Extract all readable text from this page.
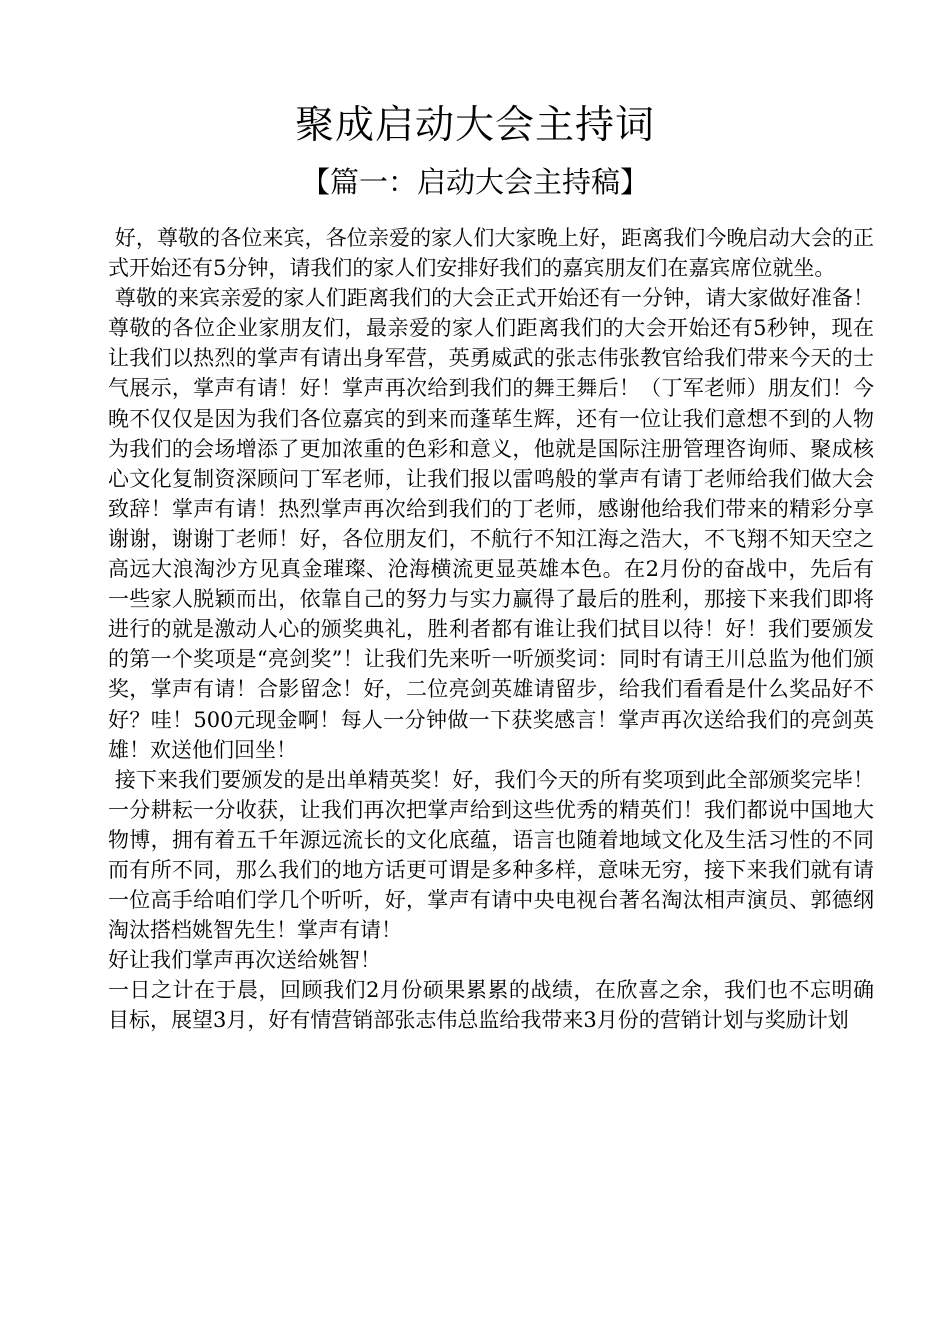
聚成启动大会主持词
【篇一：启动大会主持稿】

好，尊敬的各位来宾，各位亲爱的家人们大家晚上好，距离我们今晚启动大会的正式开始还有5分钟，请我们的家人们安排好我们的嘉宾朋友们在嘉宾席位就坐。

尊敬的来宾亲爱的家人们距离我们的大会正式开始还有一分钟，请大家做好准备！尊敬的各位企业家朋友们，最亲爱的家人们距离我们的大会开始还有5秒钟，现在让我们以热烈的掌声有请出身军营，英勇威武的张志伟张教官给我们带来今天的士气展示，掌声有请！好！掌声再次给到我们的舞王舞后！（丁军老师）朋友们！今晚不仅仅是因为我们各位嘉宾的到来而蓬荜生辉，还有一位让我们意想不到的人物为我们的会场增添了更加浓重的色彩和意义，他就是国际注册管理咨询师、聚成核心文化复制资深顾问丁军老师，让我们报以雷鸣般的掌声有请丁老师给我们做大会致辞！掌声有请！热烈掌声再次给到我们的丁老师，感谢他给我们带来的精彩分享谢谢，谢谢丁老师！好，各位朋友们，不航行不知江海之浩大，不飞翔不知天空之高远大浪淘沙方见真金璀璨、沧海横流更显英雄本色。在2月份的奋战中，先后有一些家人脱颖而出，依靠自己的努力与实力赢得了最后的胜利，那接下来我们即将进行的就是激动人心的颁奖典礼，胜利者都有谁让我们拭目以待！好！我们要颁发的第一个奖项是“亮剑奖”！让我们先来听一听颁奖词：同时有请王川总监为他们颁奖，掌声有请！合影留念！好，二位亮剑英雄请留步，给我们看看是什么奖品好不好？哇！500元现金啊！每人一分钟做一下获奖感言！掌声再次送给我们的亮剑英雄！欢送他们回坐！

接下来我们要颁发的是出单精英奖！好，我们今天的所有奖项到此全部颁奖完毕！一分耕耘一分收获，让我们再次把掌声给到这些优秀的精英们！我们都说中国地大物博，拥有着五千年源远流长的文化底蕴，语言也随着地域文化及生活习性的不同而有所不同，那么我们的地方话更可谓是多种多样，意味无穷，接下来我们就有请一位高手给咱们学几个听听，好，掌声有请中央电视台著名淘汰相声演员、郭德纲淘汰搭档姚智先生！掌声有请！

好让我们掌声再次送给姚智！

一日之计在于晨，回顾我们2月份硕果累累的战绩，在欣喜之余，我们也不忘明确目标，展望3月，好有情营销部张志伟总监给我带来3月份的营销计划与奖励计划
